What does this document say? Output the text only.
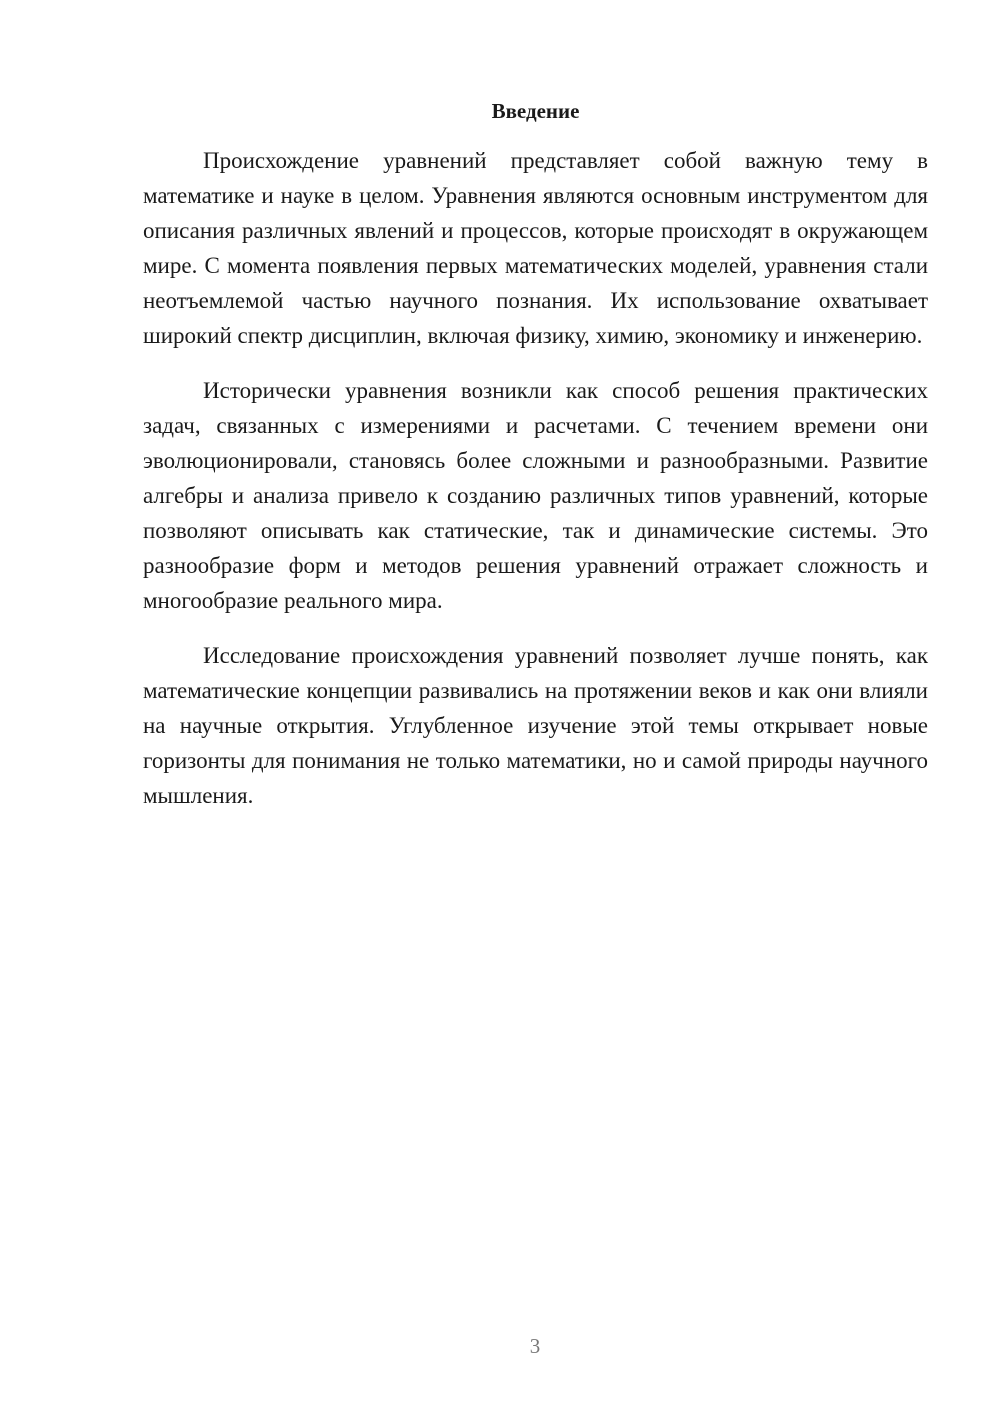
Введение

Происхождение уравнений представляет собой важную тему в математике и науке в целом. Уравнения являются основным инструментом для описания различных явлений и процессов, которые происходят в окружающем мире. С момента появления первых математических моделей, уравнения стали неотъемлемой частью научного познания. Их использование охватывает широкий спектр дисциплин, включая физику, химию, экономику и инженерию.

Исторически уравнения возникли как способ решения практических задач, связанных с измерениями и расчетами. С течением времени они эволюционировали, становясь более сложными и разнообразными. Развитие алгебры и анализа привело к созданию различных типов уравнений, которые позволяют описывать как статические, так и динамические системы. Это разнообразие форм и методов решения уравнений отражает сложность и многообразие реального мира.

Исследование происхождения уравнений позволяет лучше понять, как математические концепции развивались на протяжении веков и как они влияли на научные открытия. Углубленное изучение этой темы открывает новые горизонты для понимания не только математики, но и самой природы научного мышления.

3
